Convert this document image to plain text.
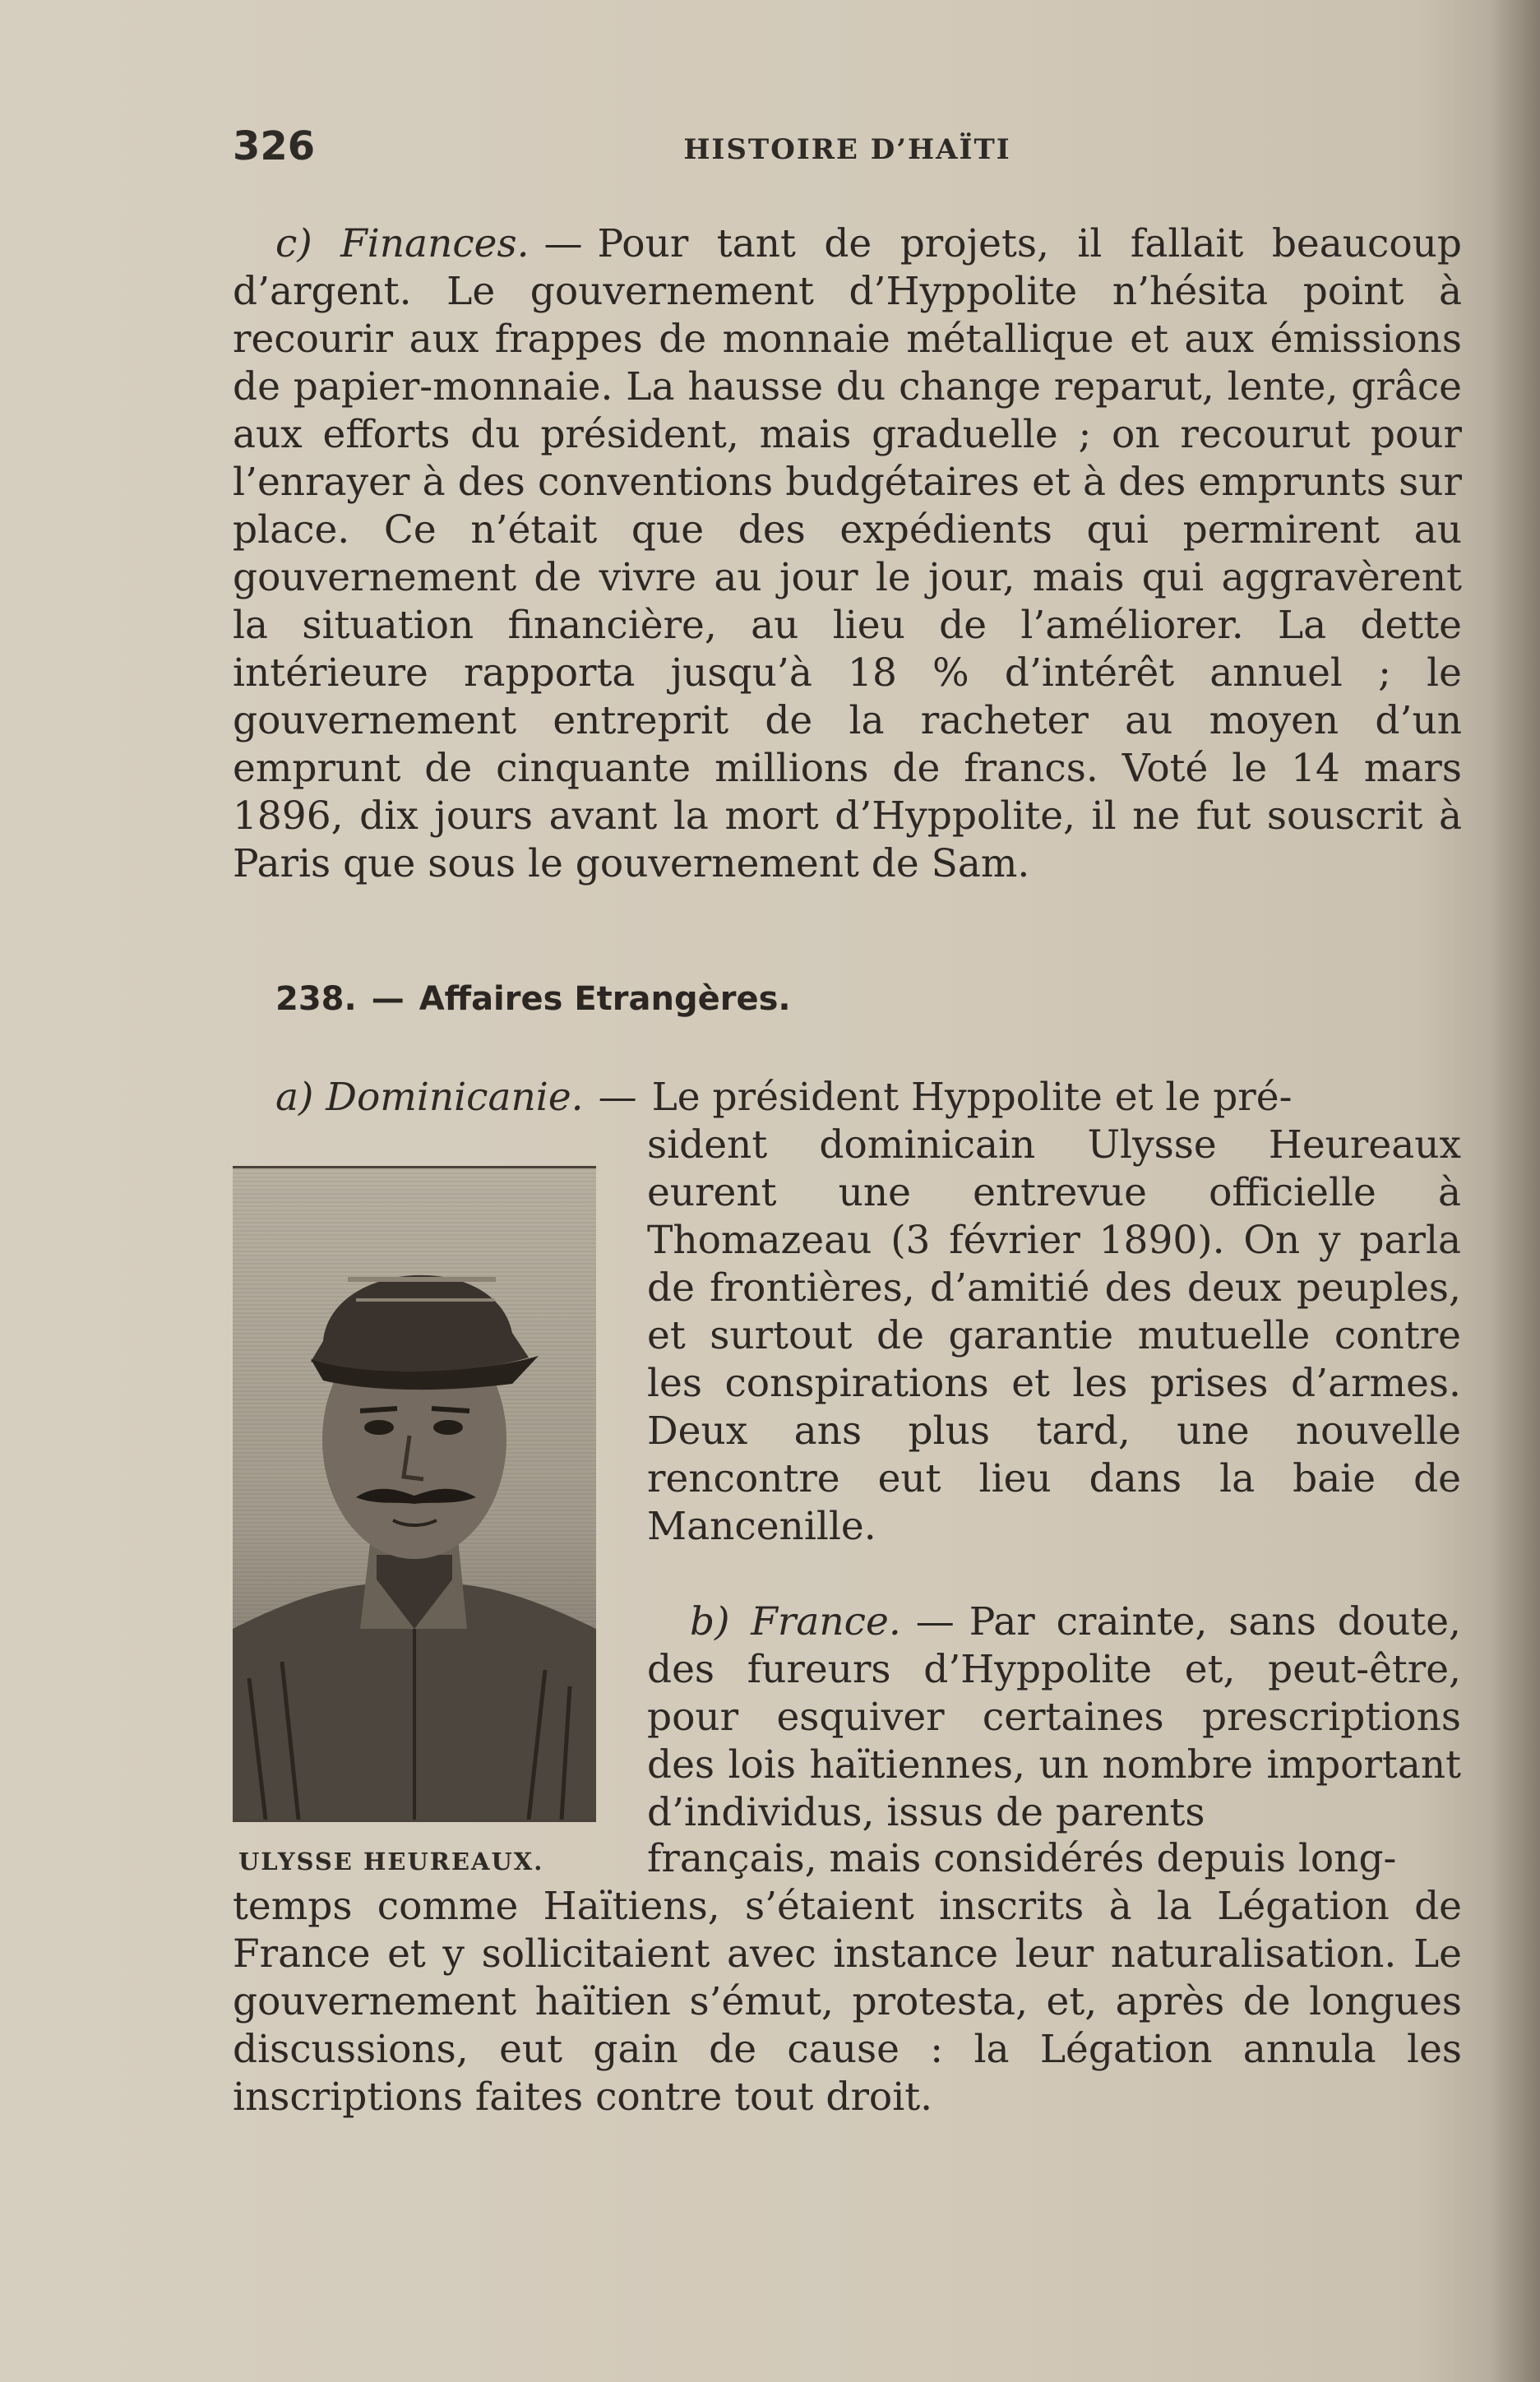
326	HISTOIRE D’HAÏTI

c) Finances. — Pour tant de projets, il fallait beaucoup d’argent. Le gouvernement d’Hyppolite n’hésita point à recourir aux frappes de monnaie métallique et aux émissions de papier-monnaie. La hausse du change reparut, lente, grâce aux efforts du président, mais graduelle ; on recourut pour l’enrayer à des conventions budgétaires et à des emprunts sur place. Ce n’était que des expédients qui permirent au gouvernement de vivre au jour le jour, mais qui aggravèrent la situation financière, au lieu de l’améliorer. La dette intérieure rapporta jusqu’à 18 % d’intérêt annuel ; le gouvernement entreprit de la racheter au moyen d’un emprunt de cinquante millions de francs. Voté le 14 mars 1896, dix jours avant la mort d’Hyppolite, il ne fut souscrit à Paris que sous le gouvernement de Sam.

238. — Affaires Etrangères.

a) Dominicanie. — Le président Hyppolite et le pré-

sident dominicain Ulysse Heureaux eurent une entrevue officielle à Thomazeau (3 février 1890). On y parla de frontières, d’amitié des deux peuples, et surtout de garantie mutuelle contre les conspirations et les prises d’armes. Deux ans plus tard, une nouvelle rencontre eut lieu dans la baie de Mancenille.

b) France. — Par crainte, sans doute, des fureurs d’Hyppolite et, peut-être, pour esquiver certaines prescriptions des lois haïtiennes, un nombre important d’individus, issus de parents

ULYSSE HEUREAUX.	français, mais considérés depuis long-

temps comme Haïtiens, s’étaient inscrits à la Légation de France et y sollicitaient avec instance leur naturalisation. Le gouvernement haïtien s’émut, protesta, et, après de longues discussions, eut gain de cause : la Légation annula les inscriptions faites contre tout droit.
